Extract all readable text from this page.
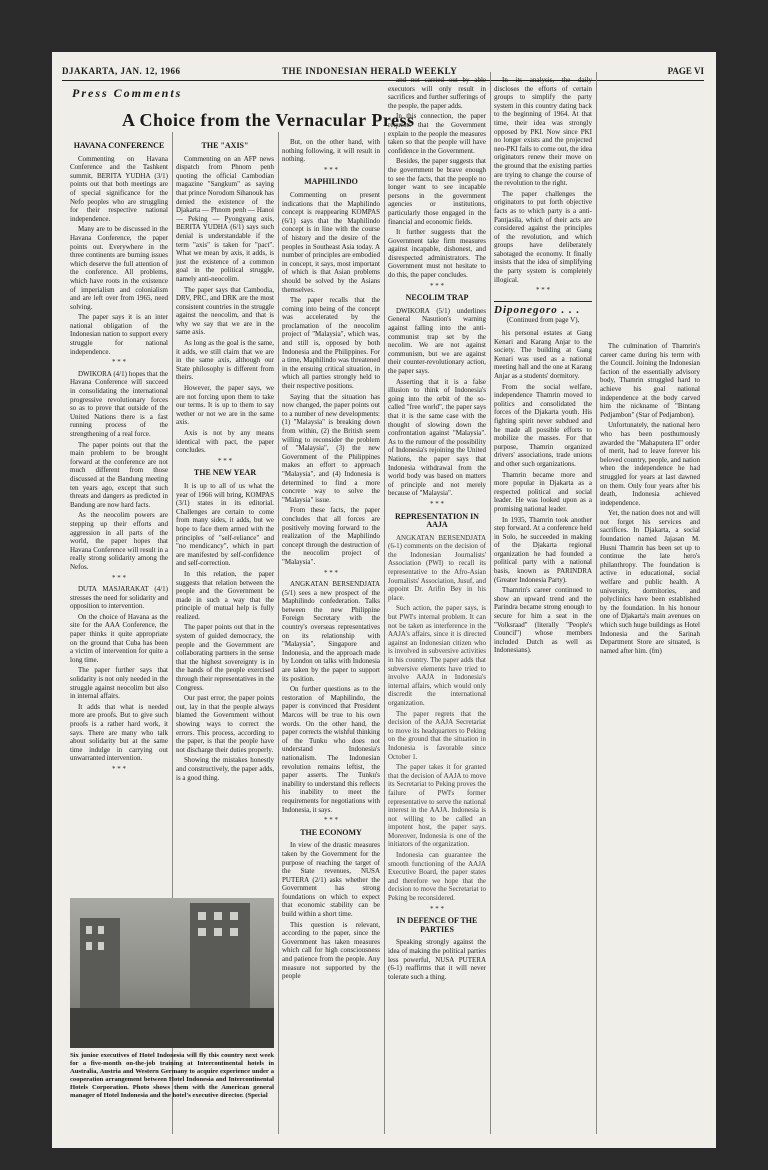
DJAKARTA, JAN. 12, 1966	THE INDONESIAN HERALD WEEKLY	PAGE VI
Press Comments
A Choice from the Vernacular Press
HAVANA CONFERENCE

Commenting on Havana Conference and the Tashkent summit, BERITA YUDHA (3/1) points out that both meetings are of special significance for the Nefo peoples who are struggling for their respective national independence.

Many are to be discussed in the Havana Conference, the paper points out. Everywhere in the three continents are burning issues which deserve the full attention of the conference. All problems, which have roots in the existence of imperialism and colonialism and are left over from 1965, need solving.

The paper says it is an inter national obligation of the Indonesian nation to support every struggle for national independence.

* * *

DWIKORA (4/1) hopes that the Havana Conference will succeed in consolidating the international progressive revolutionary forces so as to prove that outside of the United Nations there is a fast running process of the strengthening of a real force.

The paper points out that the main problem to be brought forward at the conference are not much different from those discussed at the Bandung meeting ten years ago, except that such threats and dangers as predicted in Bandung are now hard facts.

As the neocolim powers are stepping up their efforts and aggression in all parts of the world, the paper hopes that Havana Conference will result in a really strong solidarity among the Nefos.

* * *

DUTA MASJARAKAT (4/1) stresses the need for solidarity and opposition to intervention.

On the choice of Havana as the site for the AAA Conference, the paper thinks it quite appropriate on the ground that Cuba has been a victim of intervention for quite a long time.

The paper further says that solidarity is not only needed in the struggle against neocolim but also in internal affairs.

It adds that what is needed more are proofs. But to give such proofs is a rather hard work, it says. There are many who talk about solidarity but at the same time indulge in carrying out unwarranted intervention.

* * *
THE "AXIS"

Commenting on an AFP news dispatch from Phnom penh quoting the official Cambodian magazine "Sangkum" as saying that prince Norodom Sihanouk has denied the existence of the Djakarta — Phnom penh — Hanoi — Peking — Pyongyang axis, BERITA YUDHA (6/1) says such denial is understandable if the term "axis" is taken for "pact". What we mean by axis, it adds, is just the existence of a common goal in the political struggle, namely anti-neocolim.

The paper says that Cambodia, DRV, PRC, and DRK are the most consistent countries in the struggle against the neocolim, and that is why we say that we are in the same axis.

As long as the goal is the same, it adds, we still claim that we are in the same axis, although our State philosophy is different from theirs.

However, the paper says, we are not forcing upon them to take our terms. It is up to them to say wether or not we are in the same axis.

Axis is not by any means identical with pact, the paper concludes.

* * *
THE NEW YEAR

It is up to all of us what the year of 1966 will bring, KOMPAS (3/1) states in its editorial. Challenges are certain to come from many sides, it adds, but we hope to face them armed with the principles of "self-reliance" and "no mendicancy", which in part are manifested by self-confidence and self-correction.

In this relation, the paper suggests that relation between the people and the Government be made in such a way that the principle of mutual help is fully realized.

The paper points out that in the system of guided democracy, the people and the Government are collaborating partners in the sense that the highest sovereignty is in the hands of the people exercised through their representatives in the Congress.

Our past error, the paper points out, lay in that the people always blamed the Government without showing ways to correct the errors. This process, according to the paper, is that the people have not discharge their duties properly.

Showing the mistakes honestly and constructively, the paper adds, is a good thing.

Six junior executives of Hotel Indonesia will fly this country next week for a five-month on-the-job training at Intercontinental hotels in Australia, Austria and Western Germany to acquire experience under a cooperation arrangement between Hotel Indonesia and Intercontinental Hotels Corporation. Photo shows them with the American general manager of Hotel Indonesia and the hotel's executive director. (Special

But, on the other hand, with nothing following, it will result in nothing.

* * *
MAPHILINDO

Commenting on present indications that the Maphilindo concept is reappearing KOMPAS (6/1) says that the Maphilindo concept is in line with the course of history and the desire of the peoples in Southeast Asia today. A number of principles are embodied in concept, it says, most important of which is that Asian problems should be solved by the Asians themselves.

The paper recalls that the coming into being of the concept was accelerated by the proclamation of the neocolim project of "Malaysia", which was, and still is, opposed by both Indonesia and the Philippines. For a time, Maphilindo was threatened in the ensuing critical situation, in which all parties strongly held to their respective positions.

Saying that the situation has now changed, the paper points out to a number of new developments: (1) "Malaysia" is breaking down from within, (2) the British seem willing to reconsider the problem of "Malaysia", (3) the new Government of the Philippines makes an effort to approach "Malaysia", and (4) Indonesia is determined to find a more concrete way to solve the "Malaysia" issue.

From these facts, the paper concludes that all forces are positively moving forward to the realization of the Maphilindo concept through the destruction of the neocolim project of "Malaysia".

* * *

ANGKATAN BERSENDJATA (5/1) sees a new prospect of the Maphilindo confederation. Talks between the new Philippine Foreign Secretary with the country's overseas representatives on its relationship with "Malaysia", Singapore and Indonesia, and the approach made by London on talks with Indonesia are taken by the paper to support its position.

On further questions as to the restoration of Maphilindo, the paper is convinced that President Marcos will be true to his own words. On the other hand, the paper corrects the wishful thinking of the Tunku who does not understand Indonesia's nationalism. The Indonesian revolution remains leftist, the paper asserts. The Tunku's inability to understand this reflects his inability to meet the requirements for negotiations with Indonesia, it says.

* * *
THE ECONOMY

In view of the drastic measures taken by the Government for the purpose of reaching the target of the State revenues, NUSA PUTERA (2/1) asks whether the Government has strong foundations on which to expect that economic stability can be build within a short time.

This question is relevant, according to the paper, since the Government has taken measures which call for high consciousness and patience from the people. Any measure not supported by the people

and not carried out by able executors will only result in sacrifices and further sufferings of the people, the paper adds.

In this connection, the paper requests that the Government explain to the people the measures taken so that the people will have confidence in the Government.

Besides, the paper suggests that the government be brave enough to see the facts, that the people no longer want to see incapable persons in the government agencies or institutions, particularly those engaged in the financial and economic fields.

It further suggests that the Government take firm measures against incapable, dishonest, and disrespected administrators. The Government must not hesitate to do this, the paper concludes.

* * *
NECOLIM TRAP

DWIKORA (5/1) underlines General Nasution's warning against falling into the anti-communist trap set by the necolim. We are not against communism, but we are against their counter-revolutionary action, the paper says.

Asserting that it is a false illusion to think of Indonesia's going into the orbit of the so-called "free world", the paper says that it is the same case with the thought of slowing down the confrontation against "Malaysia". As to the rumour of the possibility of Indonesia's rejoining the United Nations, the paper says that Indonesia withdrawal from the world body was based on matters of principle and not merely because of "Malaysia".

* * *
REPRESENTATION IN AAJA

ANGKATAN BERSENDJATA (6-1) comments on the decision of the Indonesian Journalists' Association (PWI) to recall its representative to the Afro-Asian Journalists' Association, Jusuf, and appoint Dr. Arifin Bey in his place.

Such action, the paper says, is but PWI's internal problem. It can not be taken as interference in the AAJA's affairs, since it is directed against an Indonesian citizen who is involved in subversive activities in his country. The paper adds that subversive elements have tried to involve AAJA in Indonesia's internal affairs, which would only discredit the international organization.

The paper regrets that the decision of the AAJA Secretariat to move its headquarters to Peking on the ground that the situation in Indonesia is favorable since October 1.

The paper takes it for granted that the decision of AAJA to move its Secretariat to Peking proves the failure of PWI's former representative to serve the national interest in the AAJA. Indonesia is not willing to be called an impotent host, the paper says. Moreover, Indonesia is one of the initiators of the organization.

Indonesia can guarantee the smooth functioning of the AAJA Executive Board, the paper states and therefore we hope that the decision to move the Secretariat to Peking be reconsidered.

* * *
IN DEFENCE OF THE PARTIES

Speaking strongly against the idea of making the political parties less powerful, NUSA PUTERA (6-1) reaffirms that it will never tolerate such a thing.

In its analysis, the daily discloses the efforts of certain groups to simplify the party system in this country dating back to the beginning of 1964. At that time, their idea was strongly opposed by PKI. Now since PKI no longer exists and the projected neo-PKI fails to come out, the idea originators renew their move on the ground that the existing parties are trying to change the course of the revolution to the right.

The paper challenges the originators to put forth objective facts as to which party is a anti-Pantjasila, which of their acts are considered against the principles of the revolution, and which groups have deliberately sabotaged the economy. It finally insists that the idea of simplifying the party system is completely illogical.

* * *
Diponegoro . . .
(Continued from page V),

his personal estates at Gang Kenari and Karang Anjar to the society. The building at Gang Kenari was used as a national meeting hall and the one at Karang Anjar as a students' dormitory.

From the social welfare, independence Thamrin moved to politics and consolidated the forces of the Djakarta youth. His fighting spirit never subdued and he made all possible efforts to mobilize the masses. For that purpose, Thamrin organized drivers' associations, trade unions and other such organizations.

Thamrin became more and more popular in Djakarta as a respected political and social leader. He was looked upon as a promising national leader.

In 1935, Thamrin took another step forward. At a conference held in Solo, he succeeded in making of the Djakarta regional organization he had founded a political party with a national basis, known as PARINDRA (Greater Indonesia Party).

Thamrin's career continued to show an upward trend and the Parindra became strong enough to secure for him a seat in the "Volksraad" (literally "People's Council") whose members included Dutch as well as Indonesians).

The culmination of Thamrin's career came during his term with the Council. Joining the Indonesian faction of the essentially advisory body, Thamrin struggled hard to achieve his goal national independence at the body carved him the nickname of "Bintang Pedjambon" (Star of Pedjambon).

Unfortunately, the national hero who has been posthumously awarded the "Mahaputera II" order of merit, had to leave forever his beloved country, people, and nation when the independence he had struggled for years at last dawned on them. Only four years after his death, Indonesia achieved independence.

Yet, the nation does not and will not forget his services and sacrifices. In Djakarta, a social foundation named Jajasan M. Husni Thamrin has been set up to continue the late hero's philanthropy. The foundation is active in educational, social welfare and public health. A university, dormitories, and polyclinics have been established by the foundation. In his honour one of Djakarta's main avenues on which such huge buildings as Hotel Indonesia and the Sarinah Department Store are situated, is named after him. (fm)
